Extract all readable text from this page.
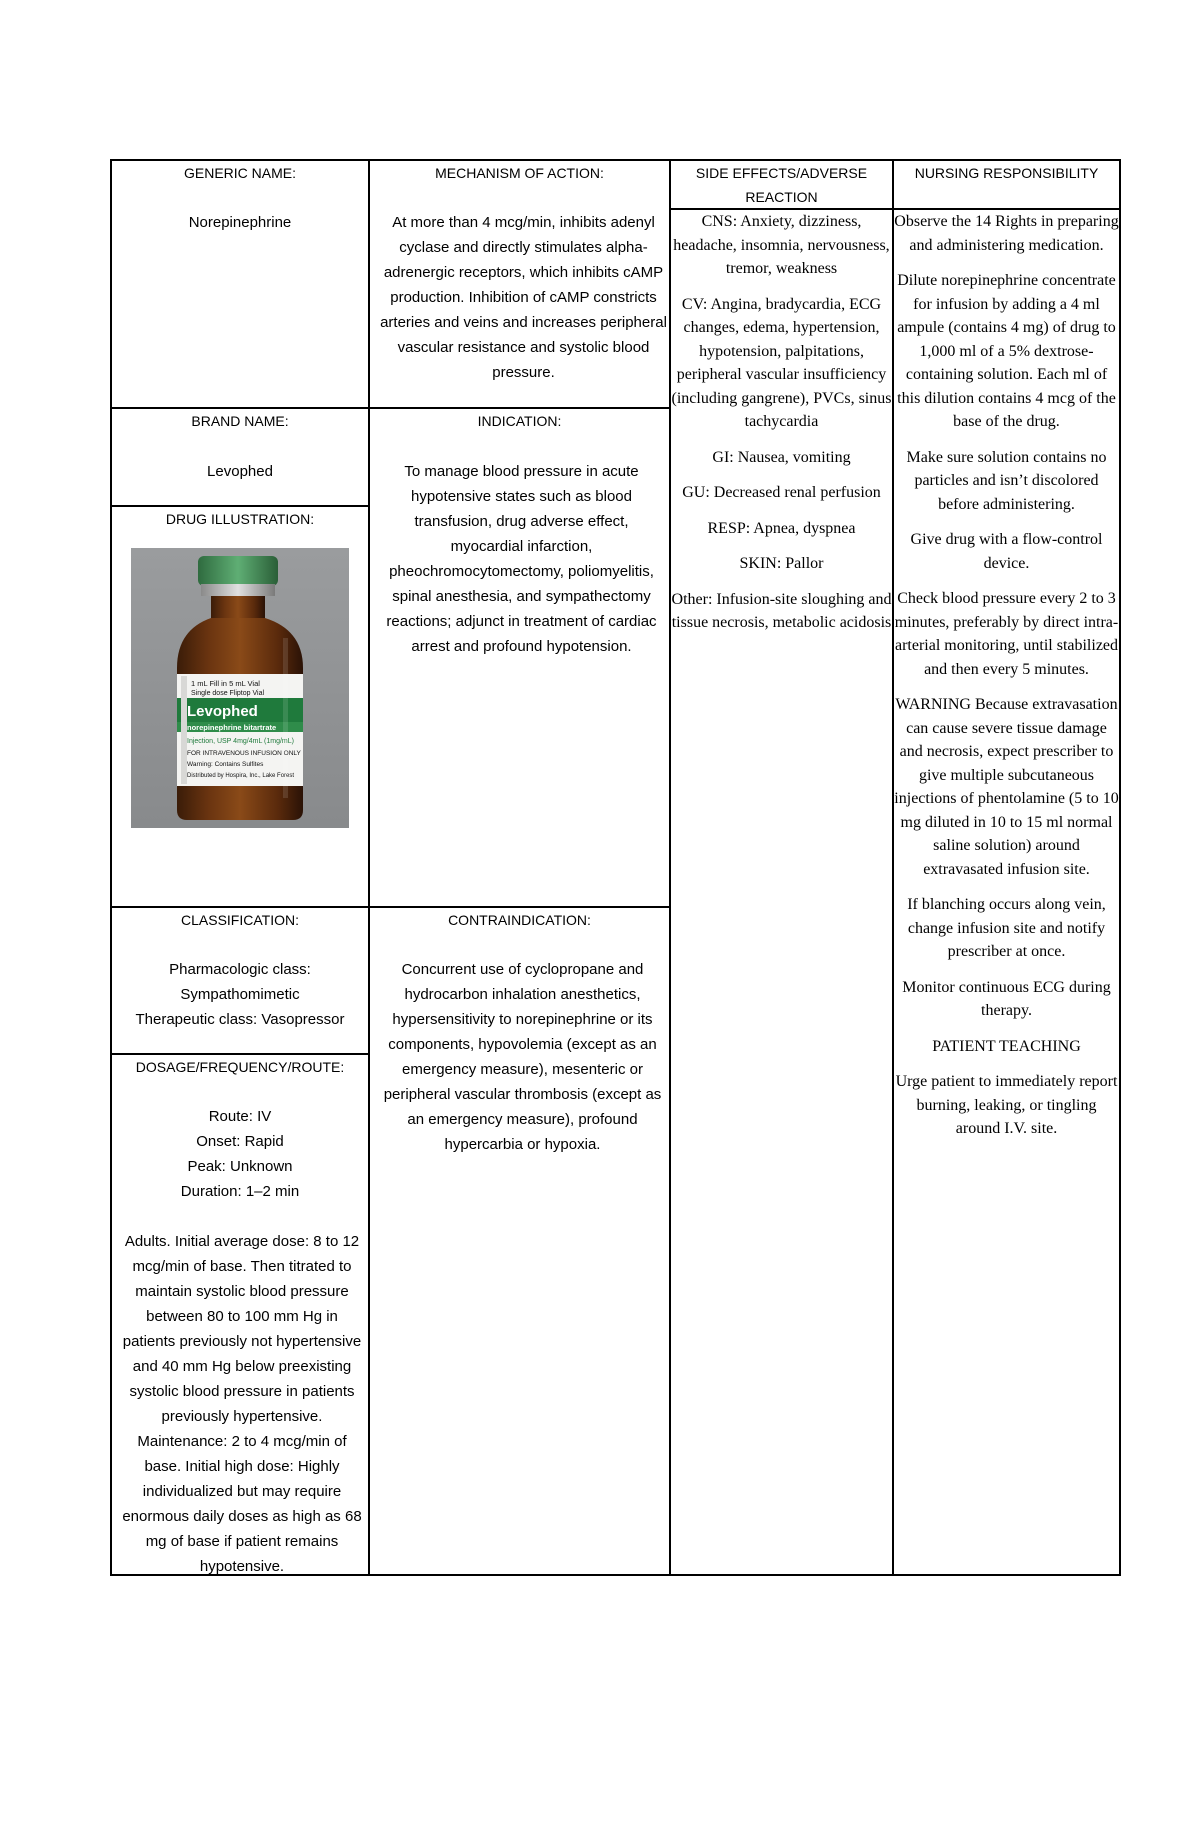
GENERIC NAME:
Norepinephrine
BRAND NAME:
Levophed
DRUG ILLUSTRATION:
1 mL Fill in 5 mL Vial
Single dose Fliptop Vial
Levophed
norepinephrine bitartrate
Injection, USP 4mg/4mL (1mg/mL)
FOR INTRAVENOUS INFUSION ONLY
Warning: Contains Sulfites
Distributed by Hospira, Inc., Lake Forest
CLASSIFICATION:
Pharmacologic class: Sympathomimetic
Therapeutic class: Vasopressor
DOSAGE/FREQUENCY/ROUTE:
Route: IV
Onset: Rapid
Peak: Unknown
Duration: 1–2 min
Adults. Initial average dose: 8 to 12 mcg/min of base. Then titrated to maintain systolic blood pressure between 80 to 100 mm Hg in patients previously not hypertensive and 40 mm Hg below preexisting systolic blood pressure in patients previously hypertensive. Maintenance: 2 to 4 mcg/min of base. Initial high dose: Highly individualized but may require enormous daily doses as high as 68 mg of base if patient remains hypotensive.
MECHANISM OF ACTION:
At more than 4 mcg/min, inhibits adenyl cyclase and directly stimulates alpha-adrenergic receptors, which inhibits cAMP production. Inhibition of cAMP constricts arteries and veins and increases peripheral vascular resistance and systolic blood pressure.
INDICATION:
To manage blood pressure in acute hypotensive states such as blood transfusion, drug adverse effect, myocardial infarction, pheochromocytomectomy, poliomyelitis, spinal anesthesia, and sympathectomy reactions; adjunct in treatment of cardiac arrest and profound hypotension.
CONTRAINDICATION:
Concurrent use of cyclopropane and hydrocarbon inhalation anesthetics, hypersensitivity to norepinephrine or its components, hypovolemia (except as an emergency measure), mesenteric or peripheral vascular thrombosis (except as an emergency measure), profound hypercarbia or hypoxia.
SIDE EFFECTS/ADVERSE REACTION
CNS: Anxiety, dizziness, headache, insomnia, nervousness, tremor, weakness
CV: Angina, bradycardia, ECG changes, edema, hypertension, hypotension, palpitations, peripheral vascular insufficiency (including gangrene), PVCs, sinus tachycardia
GI: Nausea, vomiting
GU: Decreased renal perfusion
RESP: Apnea, dyspnea
SKIN: Pallor
Other: Infusion-site sloughing and tissue necrosis, metabolic acidosis
NURSING RESPONSIBILITY
Observe the 14 Rights in preparing and administering medication.
Dilute norepinephrine concentrate for infusion by adding a 4 ml ampule (contains 4 mg) of drug to 1,000 ml of a 5% dextrose-containing solution. Each ml of this dilution contains 4 mcg of the base of the drug.
Make sure solution contains no particles and isn’t discolored before administering.
Give drug with a flow-control device.
Check blood pressure every 2 to 3 minutes, preferably by direct intra-arterial monitoring, until stabilized and then every 5 minutes.
WARNING Because extravasation can cause severe tissue damage and necrosis, expect prescriber to give multiple subcutaneous injections of phentolamine (5 to 10 mg diluted in 10 to 15 ml normal saline solution) around extravasated infusion site.
If blanching occurs along vein, change infusion site and notify prescriber at once.
Monitor continuous ECG during therapy.
PATIENT TEACHING
Urge patient to immediately report burning, leaking, or tingling around I.V. site.
